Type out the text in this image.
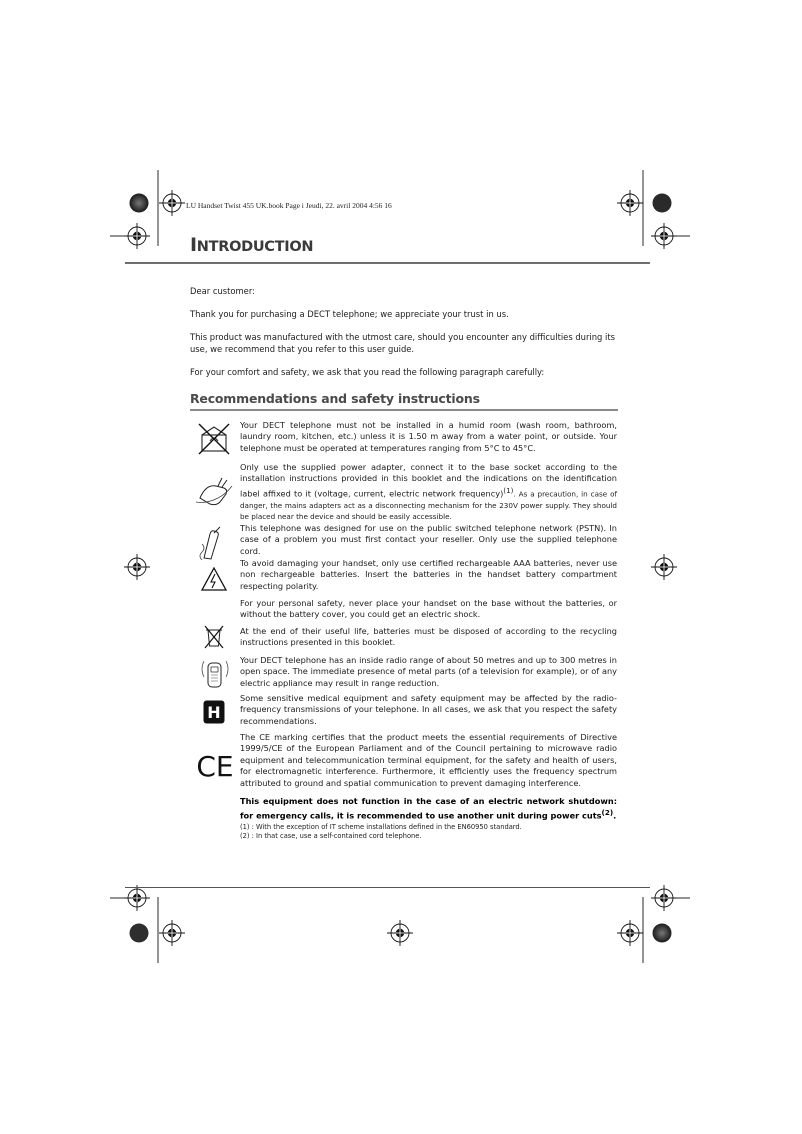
LU Handset Twist 455 UK.book Page i Jeudi, 22. avril 2004 4:56 16
INTRODUCTION
Dear customer:
Thank you for purchasing a DECT telephone; we appreciate your trust in us.
This product was manufactured with the utmost care, should you encounter any difficulties during its use, we recommend that you refer to this user guide.
For your comfort and safety, we ask that you read the following paragraph carefully:
Recommendations and safety instructions
Your DECT telephone must not be installed in a humid room (wash room, bathroom, laundry room, kitchen, etc.) unless it is 1.50 m away from a water point, or outside. Your telephone must be operated at temperatures ranging from 5°C to 45°C.
Only use the supplied power adapter, connect it to the base socket according to the installation instructions provided in this booklet and the indications on the identification label affixed to it (voltage, current, electric network frequency)$^{(1)}$. As a precaution, in case of danger, the mains adapters act as a disconnecting mechanism for the 230V power supply. They should be placed near the device and should be easily accessible.
This telephone was designed for use on the public switched telephone network (PSTN). In case of a problem you must first contact your reseller. Only use the supplied telephone cord.
To avoid damaging your handset, only use certified rechargeable AAA batteries, never use non rechargeable batteries. Insert the batteries in the handset battery compartment respecting polarity.
For your personal safety, never place your handset on the base without the batteries, or without the battery cover, you could get an electric shock.
At the end of their useful life, batteries must be disposed of according to the recycling instructions presented in this booklet.
Your DECT telephone has an inside radio range of about 50 metres and up to 300 metres in open space. The immediate presence of metal parts (of a television for example), or of any electric appliance may result in range reduction.
H
Some sensitive medical equipment and safety equipment may be affected by the radio-frequency transmissions of your telephone. In all cases, we ask that you respect the safety recommendations.
CE
The CE marking certifies that the product meets the essential requirements of Directive 1999/5/CE of the European Parliament and of the Council pertaining to microwave radio equipment and telecommunication terminal equipment, for the safety and health of users, for electromagnetic interference. Furthermore, it efficiently uses the frequency spectrum attributed to ground and spatial communication to prevent damaging interference.
This equipment does not function in the case of an electric network shutdown: for emergency calls, it is recommended to use another unit during power cuts$^{(2)}$.
(1) : With the exception of IT scheme installations defined in the EN60950 standard.
(2) : In that case, use a self-contained cord telephone.
